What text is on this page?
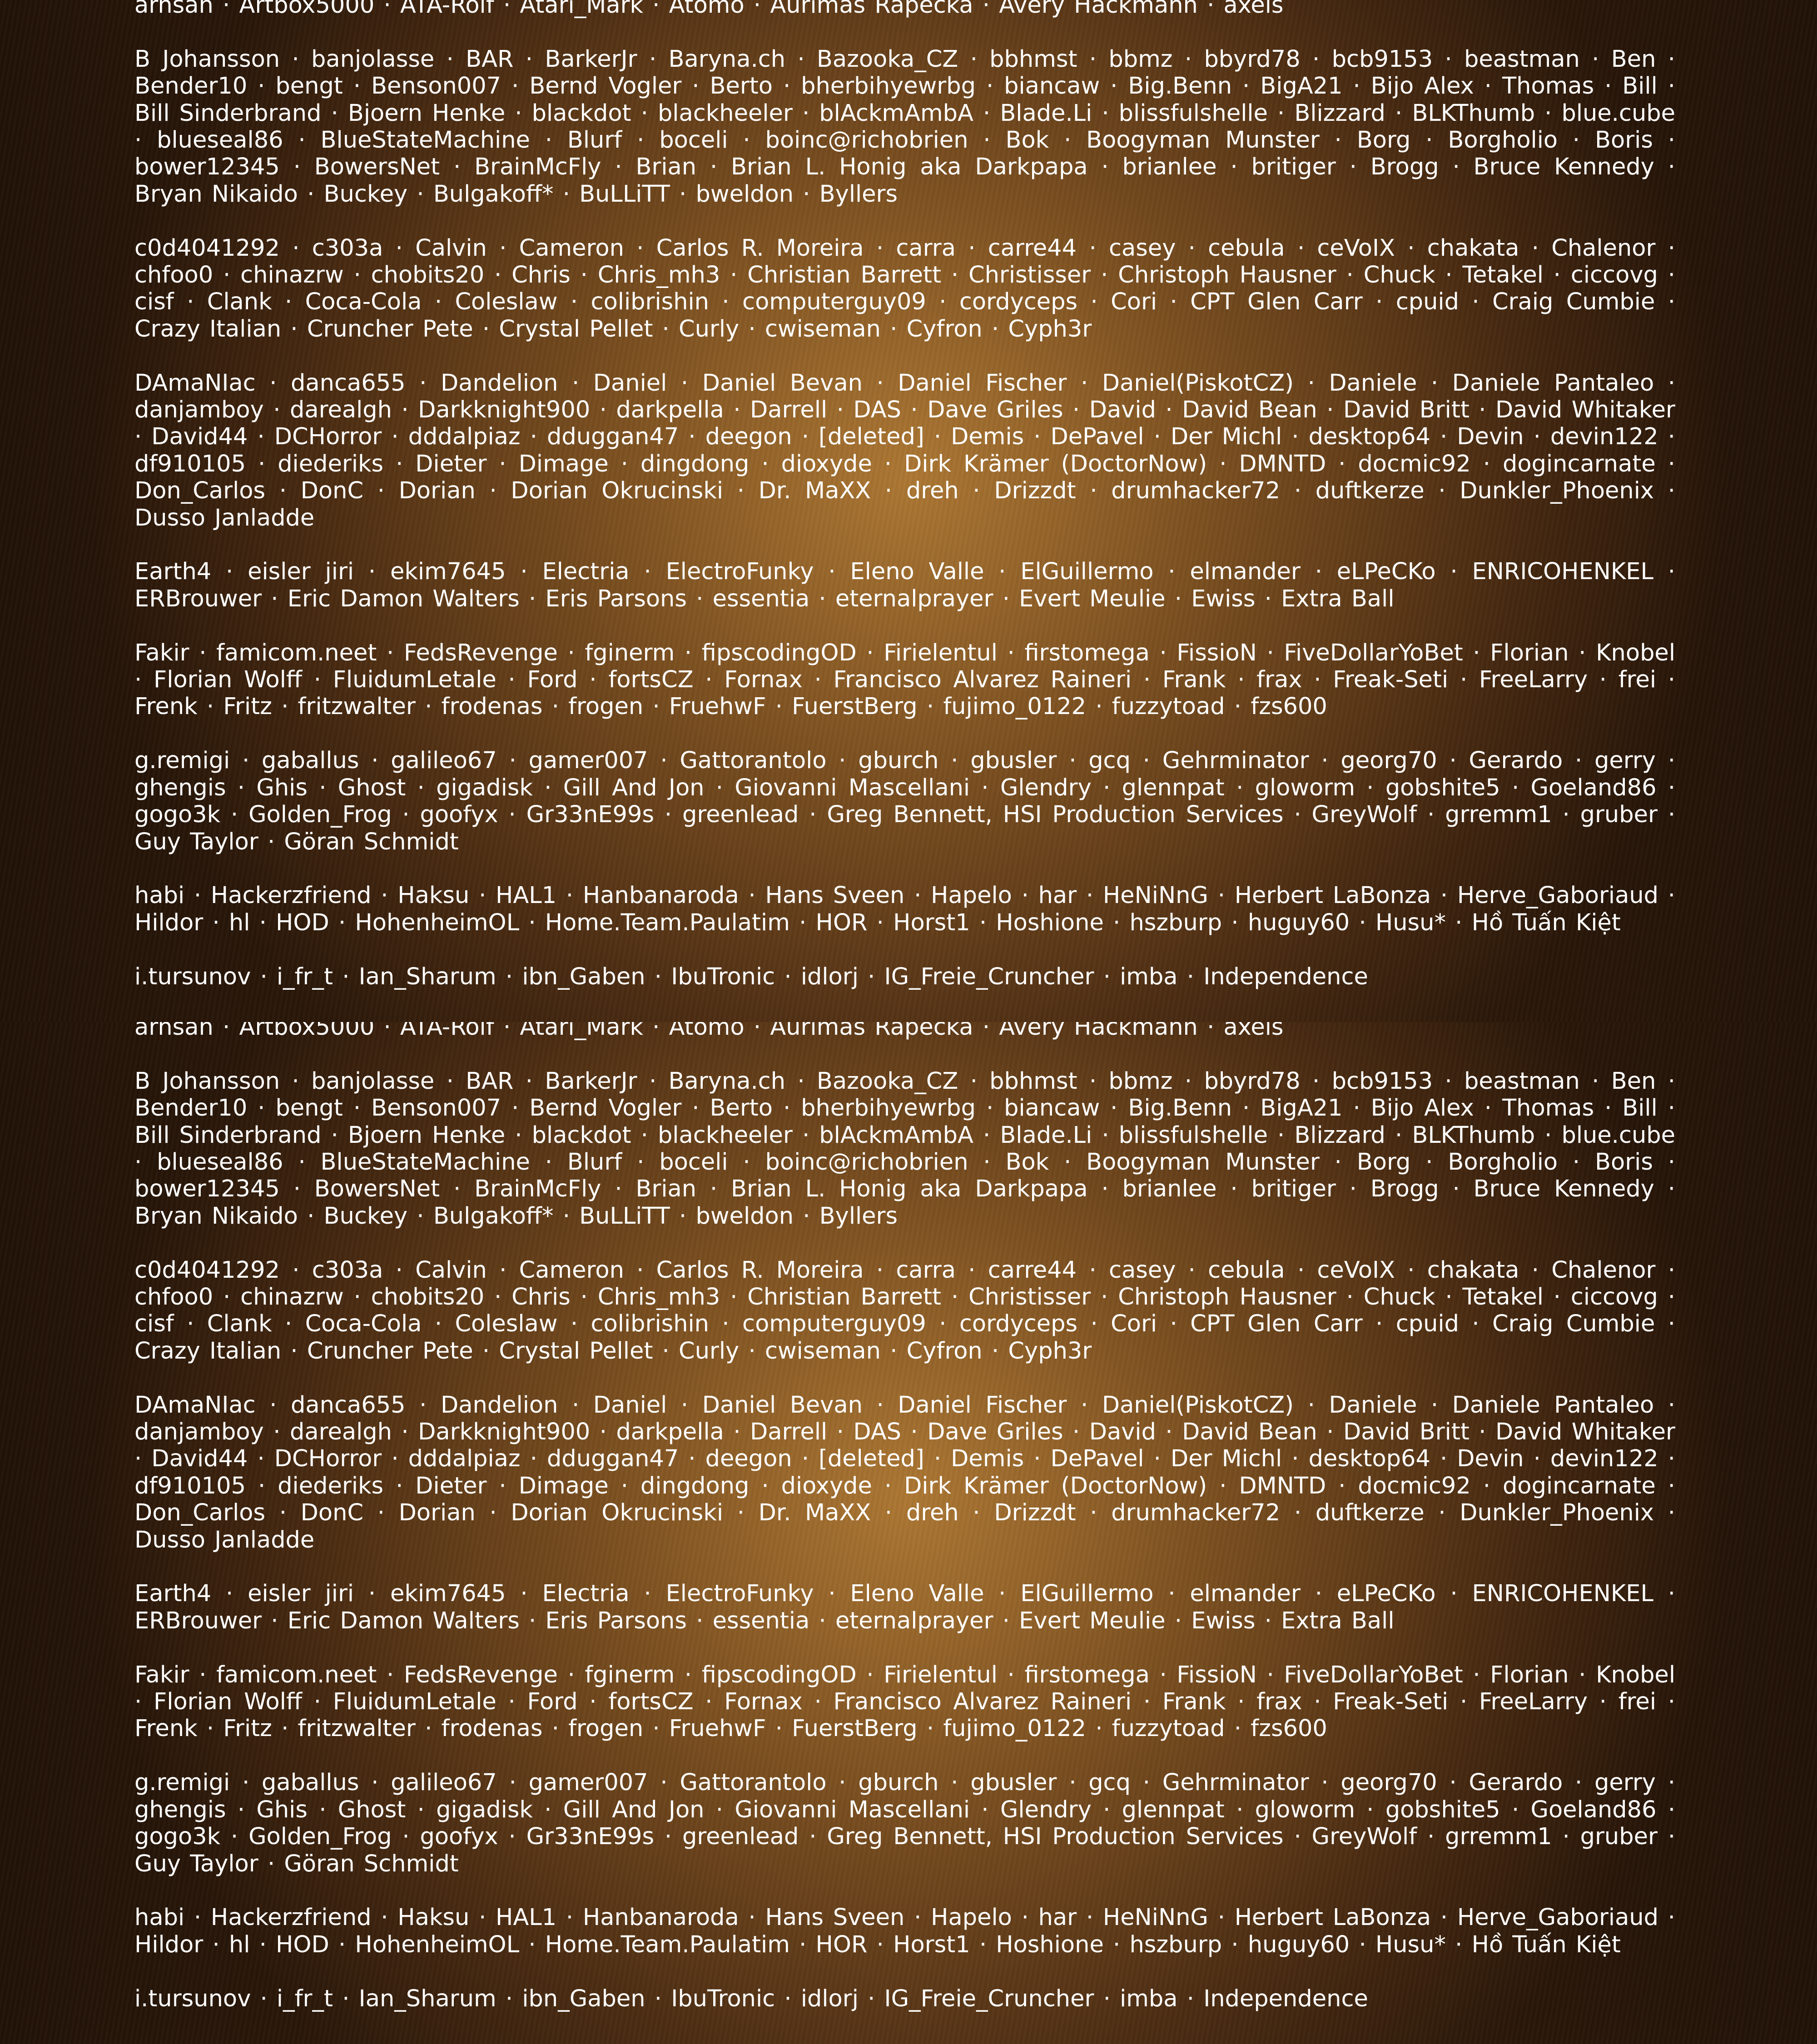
arnsan · Artbox5000 · ATA-Rolf · Atari_Mark · Atomo · Aurimas Rapecka · Avery Hackmann · axels
B Johansson · banjolasse · BAR · BarkerJr · Baryna.ch · Bazooka_CZ · bbhmst · bbmz · bbyrd78 · bcb9153 · beastman · Ben · Bender10 · bengt · Benson007 · Bernd Vogler · Berto · bherbihyewrbg · biancaw · Big.Benn · BigA21 · Bijo Alex · Thomas · Bill · Bill Sinderbrand · Bjoern Henke · blackdot · blackheeler · blAckmAmbA · Blade.Li · blissfulshelle · Blizzard · BLKThumb · blue.cube · blueseal86 · BlueStateMachine · Blurf · boceli · boinc@richobrien · Bok · Boogyman Munster · Borg · Borgholio · Boris · bower12345 · BowersNet · BrainMcFly · Brian · Brian L. Honig aka Darkpapa · brianlee · britiger · Brogg · Bruce Kennedy · Bryan Nikaido · Buckey · Bulgakoff* · BuLLiTT · bweldon · Byllers
c0d4041292 · c303a · Calvin · Cameron · Carlos R. Moreira · carra · carre44 · casey · cebula · ceVoIX · chakata · Chalenor · chfoo0 · chinazrw · chobits20 · Chris · Chris_mh3 · Christian Barrett · Christisser · Christoph Hausner · Chuck · Tetakel · ciccovg · cisf · Clank · Coca-Cola · Coleslaw · colibrishin · computerguy09 · cordyceps · Cori · CPT Glen Carr · cpuid · Craig Cumbie · Crazy Italian · Cruncher Pete · Crystal Pellet · Curly · cwiseman · Cyfron · Cyph3r
DAmaNIac · danca655 · Dandelion · Daniel · Daniel Bevan · Daniel Fischer · Daniel(PiskotCZ) · Daniele · Daniele Pantaleo · danjamboy · darealgh · Darkknight900 · darkpella · Darrell · DAS · Dave Griles · David · David Bean · David Britt · David Whitaker · David44 · DCHorror · dddalpiaz · dduggan47 · deegon · [deleted] · Demis · DePavel · Der Michl · desktop64 · Devin · devin122 · df910105 · diederiks · Dieter · Dimage · dingdong · dioxyde · Dirk Krämer (DoctorNow) · DMNTD · docmic92 · dogincarnate · Don_Carlos · DonC · Dorian · Dorian Okrucinski · Dr. MaXX · dreh · Drizzdt · drumhacker72 · duftkerze · Dunkler_Phoenix · Dusso Janladde
Earth4 · eisler jiri · ekim7645 · Electria · ElectroFunky · Eleno Valle · ElGuillermo · elmander · eLPeCKo · ENRICOHENKEL · ERBrouwer · Eric Damon Walters · Eris Parsons · essentia · eternalprayer · Evert Meulie · Ewiss · Extra Ball
Fakir · famicom.neet · FedsRevenge · fginerm · fipscodingOD · Firielentul · firstomega · FissioN · FiveDollarYoBet · Florian · Knobel · Florian Wolff · FluidumLetale · Ford · fortsCZ · Fornax · Francisco Alvarez Raineri · Frank · frax · Freak-Seti · FreeLarry · frei · Frenk · Fritz · fritzwalter · frodenas · frogen · FruehwF · FuerstBerg · fujimo_0122 · fuzzytoad · fzs600
g.remigi · gaballus · galileo67 · gamer007 · Gattorantolo · gburch · gbusler · gcq · Gehrminator · georg70 · Gerardo · gerry · ghengis · Ghis · Ghost · gigadisk · Gill And Jon · Giovanni Mascellani · Glendry · glennpat · gloworm · gobshite5 · Goeland86 · gogo3k · Golden_Frog · goofyx · Gr33nE99s · greenlead · Greg Bennett, HSI Production Services · GreyWolf · grremm1 · gruber · Guy Taylor · Göran Schmidt
habi · Hackerzfriend · Haksu · HAL1 · Hanbanaroda · Hans Sveen · Hapelo · har · HeNiNnG · Herbert LaBonza · Herve_Gaboriaud · Hildor · hl · HOD · HohenheimOL · Home.Team.Paulatim · HOR · Horst1 · Hoshione · hszburp · huguy60 · Husu* · Hồ Tuấn Kiệt
i.tursunov · i_fr_t · Ian_Sharum · ibn_Gaben · IbuTronic · idlorj · IG_Freie_Cruncher · imba · Independence
arnsan · Artbox5000 · ATA-Rolf · Atari_Mark · Atomo · Aurimas Rapecka · Avery Hackmann · axels
B Johansson · banjolasse · BAR · BarkerJr · Baryna.ch · Bazooka_CZ · bbhmst · bbmz · bbyrd78 · bcb9153 · beastman · Ben · Bender10 · bengt · Benson007 · Bernd Vogler · Berto · bherbihyewrbg · biancaw · Big.Benn · BigA21 · Bijo Alex · Thomas · Bill · Bill Sinderbrand · Bjoern Henke · blackdot · blackheeler · blAckmAmbA · Blade.Li · blissfulshelle · Blizzard · BLKThumb · blue.cube · blueseal86 · BlueStateMachine · Blurf · boceli · boinc@richobrien · Bok · Boogyman Munster · Borg · Borgholio · Boris · bower12345 · BowersNet · BrainMcFly · Brian · Brian L. Honig aka Darkpapa · brianlee · britiger · Brogg · Bruce Kennedy · Bryan Nikaido · Buckey · Bulgakoff* · BuLLiTT · bweldon · Byllers
c0d4041292 · c303a · Calvin · Cameron · Carlos R. Moreira · carra · carre44 · casey · cebula · ceVoIX · chakata · Chalenor · chfoo0 · chinazrw · chobits20 · Chris · Chris_mh3 · Christian Barrett · Christisser · Christoph Hausner · Chuck · Tetakel · ciccovg · cisf · Clank · Coca-Cola · Coleslaw · colibrishin · computerguy09 · cordyceps · Cori · CPT Glen Carr · cpuid · Craig Cumbie · Crazy Italian · Cruncher Pete · Crystal Pellet · Curly · cwiseman · Cyfron · Cyph3r
DAmaNIac · danca655 · Dandelion · Daniel · Daniel Bevan · Daniel Fischer · Daniel(PiskotCZ) · Daniele · Daniele Pantaleo · danjamboy · darealgh · Darkknight900 · darkpella · Darrell · DAS · Dave Griles · David · David Bean · David Britt · David Whitaker · David44 · DCHorror · dddalpiaz · dduggan47 · deegon · [deleted] · Demis · DePavel · Der Michl · desktop64 · Devin · devin122 · df910105 · diederiks · Dieter · Dimage · dingdong · dioxyde · Dirk Krämer (DoctorNow) · DMNTD · docmic92 · dogincarnate · Don_Carlos · DonC · Dorian · Dorian Okrucinski · Dr. MaXX · dreh · Drizzdt · drumhacker72 · duftkerze · Dunkler_Phoenix · Dusso Janladde
Earth4 · eisler jiri · ekim7645 · Electria · ElectroFunky · Eleno Valle · ElGuillermo · elmander · eLPeCKo · ENRICOHENKEL · ERBrouwer · Eric Damon Walters · Eris Parsons · essentia · eternalprayer · Evert Meulie · Ewiss · Extra Ball
Fakir · famicom.neet · FedsRevenge · fginerm · fipscodingOD · Firielentul · firstomega · FissioN · FiveDollarYoBet · Florian · Knobel · Florian Wolff · FluidumLetale · Ford · fortsCZ · Fornax · Francisco Alvarez Raineri · Frank · frax · Freak-Seti · FreeLarry · frei · Frenk · Fritz · fritzwalter · frodenas · frogen · FruehwF · FuerstBerg · fujimo_0122 · fuzzytoad · fzs600
g.remigi · gaballus · galileo67 · gamer007 · Gattorantolo · gburch · gbusler · gcq · Gehrminator · georg70 · Gerardo · gerry · ghengis · Ghis · Ghost · gigadisk · Gill And Jon · Giovanni Mascellani · Glendry · glennpat · gloworm · gobshite5 · Goeland86 · gogo3k · Golden_Frog · goofyx · Gr33nE99s · greenlead · Greg Bennett, HSI Production Services · GreyWolf · grremm1 · gruber · Guy Taylor · Göran Schmidt
habi · Hackerzfriend · Haksu · HAL1 · Hanbanaroda · Hans Sveen · Hapelo · har · HeNiNnG · Herbert LaBonza · Herve_Gaboriaud · Hildor · hl · HOD · HohenheimOL · Home.Team.Paulatim · HOR · Horst1 · Hoshione · hszburp · huguy60 · Husu* · Hồ Tuấn Kiệt
i.tursunov · i_fr_t · Ian_Sharum · ibn_Gaben · IbuTronic · idlorj · IG_Freie_Cruncher · imba · Independence
